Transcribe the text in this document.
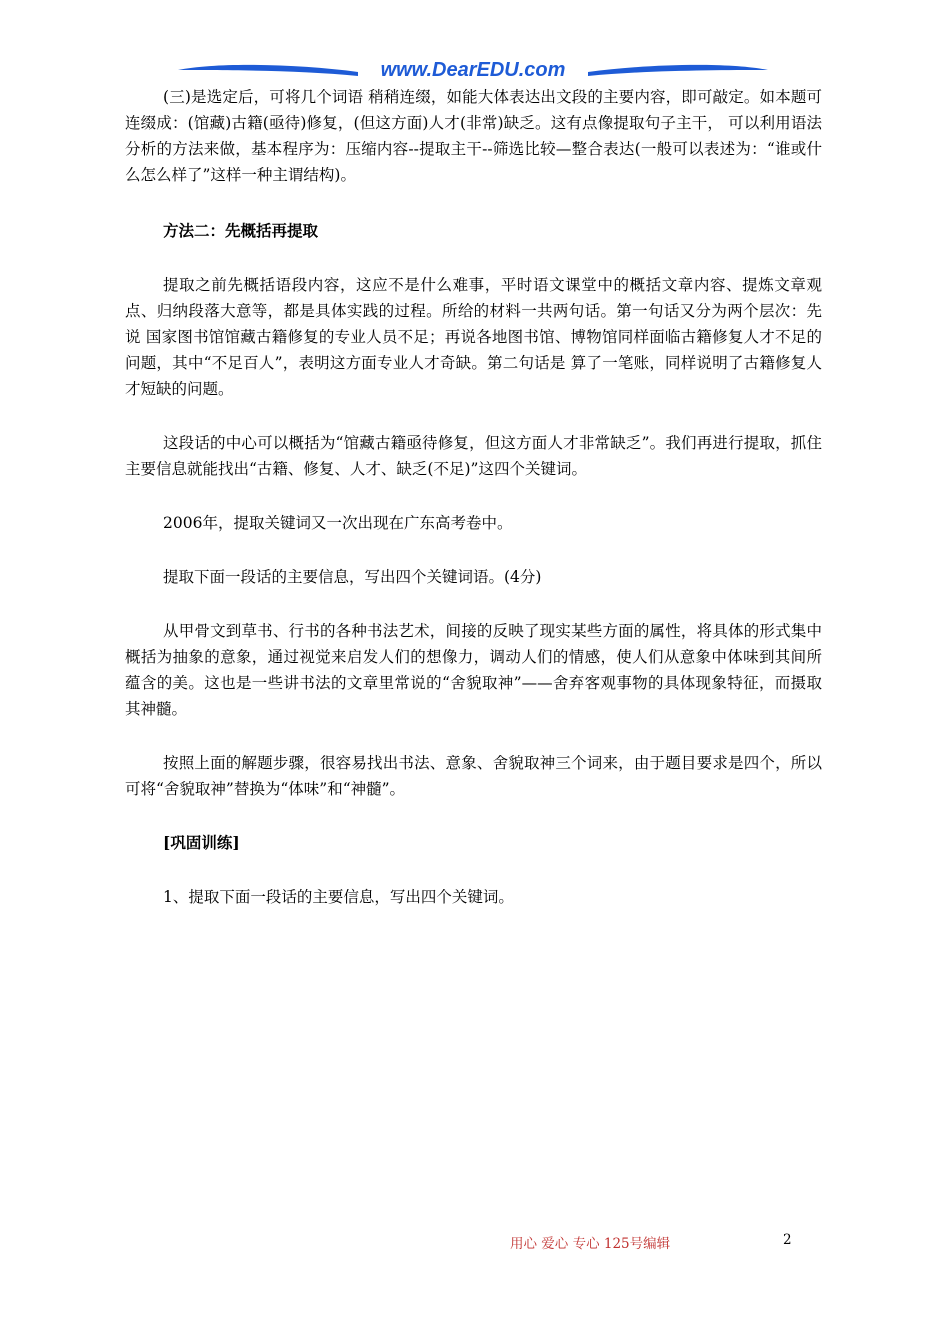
www.DearEDU.com

(三)是选定后，可将几个词语 稍稍连缀，如能大体表达出文段的主要内容，即可敲定。如本题可连缀成：(馆藏)古籍(亟待)修复，(但这方面)人才(非常)缺乏。这有点像提取句子主干， 可以利用语法分析的方法来做，基本程序为：压缩内容--提取主干--筛选比较—整合表达(一般可以表述为：“谁或什么怎么样了”这样一种主谓结构)。

方法二：先概括再提取

提取之前先概括语段内容，这应不是什么难事，平时语文课堂中的概括文章内容、提炼文章观点、归纳段落大意等，都是具体实践的过程。所给的材料一共两句话。第一句话又分为两个层次：先说 国家图书馆馆藏古籍修复的专业人员不足；再说各地图书馆、博物馆同样面临古籍修复人才不足的问题，其中“不足百人”，表明这方面专业人才奇缺。第二句话是 算了一笔账，同样说明了古籍修复人才短缺的问题。

这段话的中心可以概括为“馆藏古籍亟待修复，但这方面人才非常缺乏”。我们再进行提取，抓住主要信息就能找出“古籍、修复、人才、缺乏(不足)”这四个关键词。

2006年，提取关键词又一次出现在广东高考卷中。

提取下面一段话的主要信息，写出四个关键词语。(4分)

从甲骨文到草书、行书的各种书法艺术，间接的反映了现实某些方面的属性，将具体的形式集中概括为抽象的意象，通过视觉来启发人们的想像力，调动人们的情感，使人们从意象中体味到其间所 蕴含的美。这也是一些讲书法的文章里常说的“舍貌取神”——舍弃客观事物的具体现象特征，而摄取其神髓。

按照上面的解题步骤，很容易找出书法、意象、舍貌取神三个词来，由于题目要求是四个，所以可将“舍貌取神”替换为“体味”和“神髓”。

[巩固训练]

1、提取下面一段话的主要信息，写出四个关键词。

用心 爱心 专心 125号编辑	2
